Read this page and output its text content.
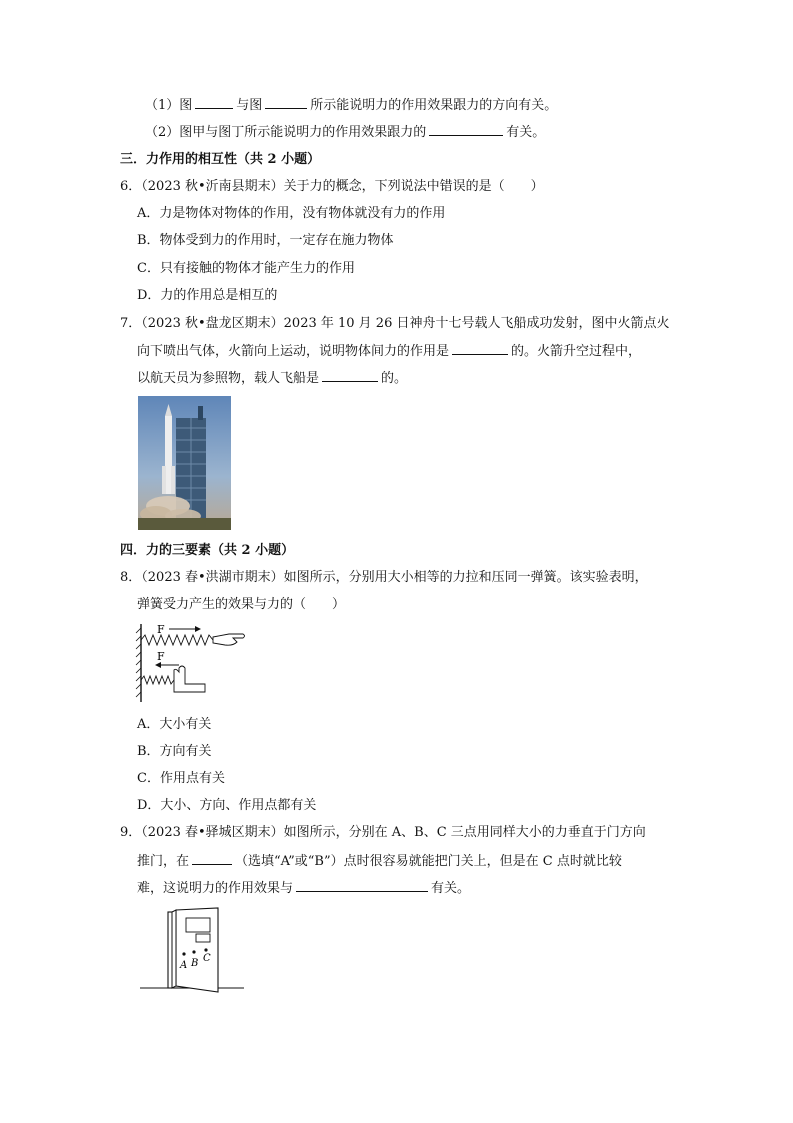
（1）图	与图	所示能说明力的作用效果跟力的方向有关。
（2）图甲与图丁所示能说明力的作用效果跟力的	有关。
三．力作用的相互性（共 2 小题）
6．（2023 秋•沂南县期末）关于力的概念，下列说法中错误的是（　　）
A．力是物体对物体的作用，没有物体就没有力的作用
B．物体受到力的作用时，一定存在施力物体
C．只有接触的物体才能产生力的作用
D．力的作用总是相互的
7．（2023 秋•盘龙区期末）2023 年 10 月 26 日神舟十七号载人飞船成功发射，图中火箭点火
向下喷出气体，火箭向上运动，说明物体间力的作用是	的。火箭升空过程中，
以航天员为参照物，载人飞船是	的。
四．力的三要素（共 2 小题）
8．（2023 春•洪湖市期末）如图所示，分别用大小相等的力拉和压同一弹簧。该实验表明，
弹簧受力产生的效果与力的（　　）
F
F
A．大小有关
B．方向有关
C．作用点有关
D．大小、方向、作用点都有关
9．（2023 春•驿城区期末）如图所示，分别在 A、B、C 三点用同样大小的力垂直于门方向
推门，在	（选填“A”或“B”）点时很容易就能把门关上，但是在 C 点时就比较
难，这说明力的作用效果与	有关。
A B C
